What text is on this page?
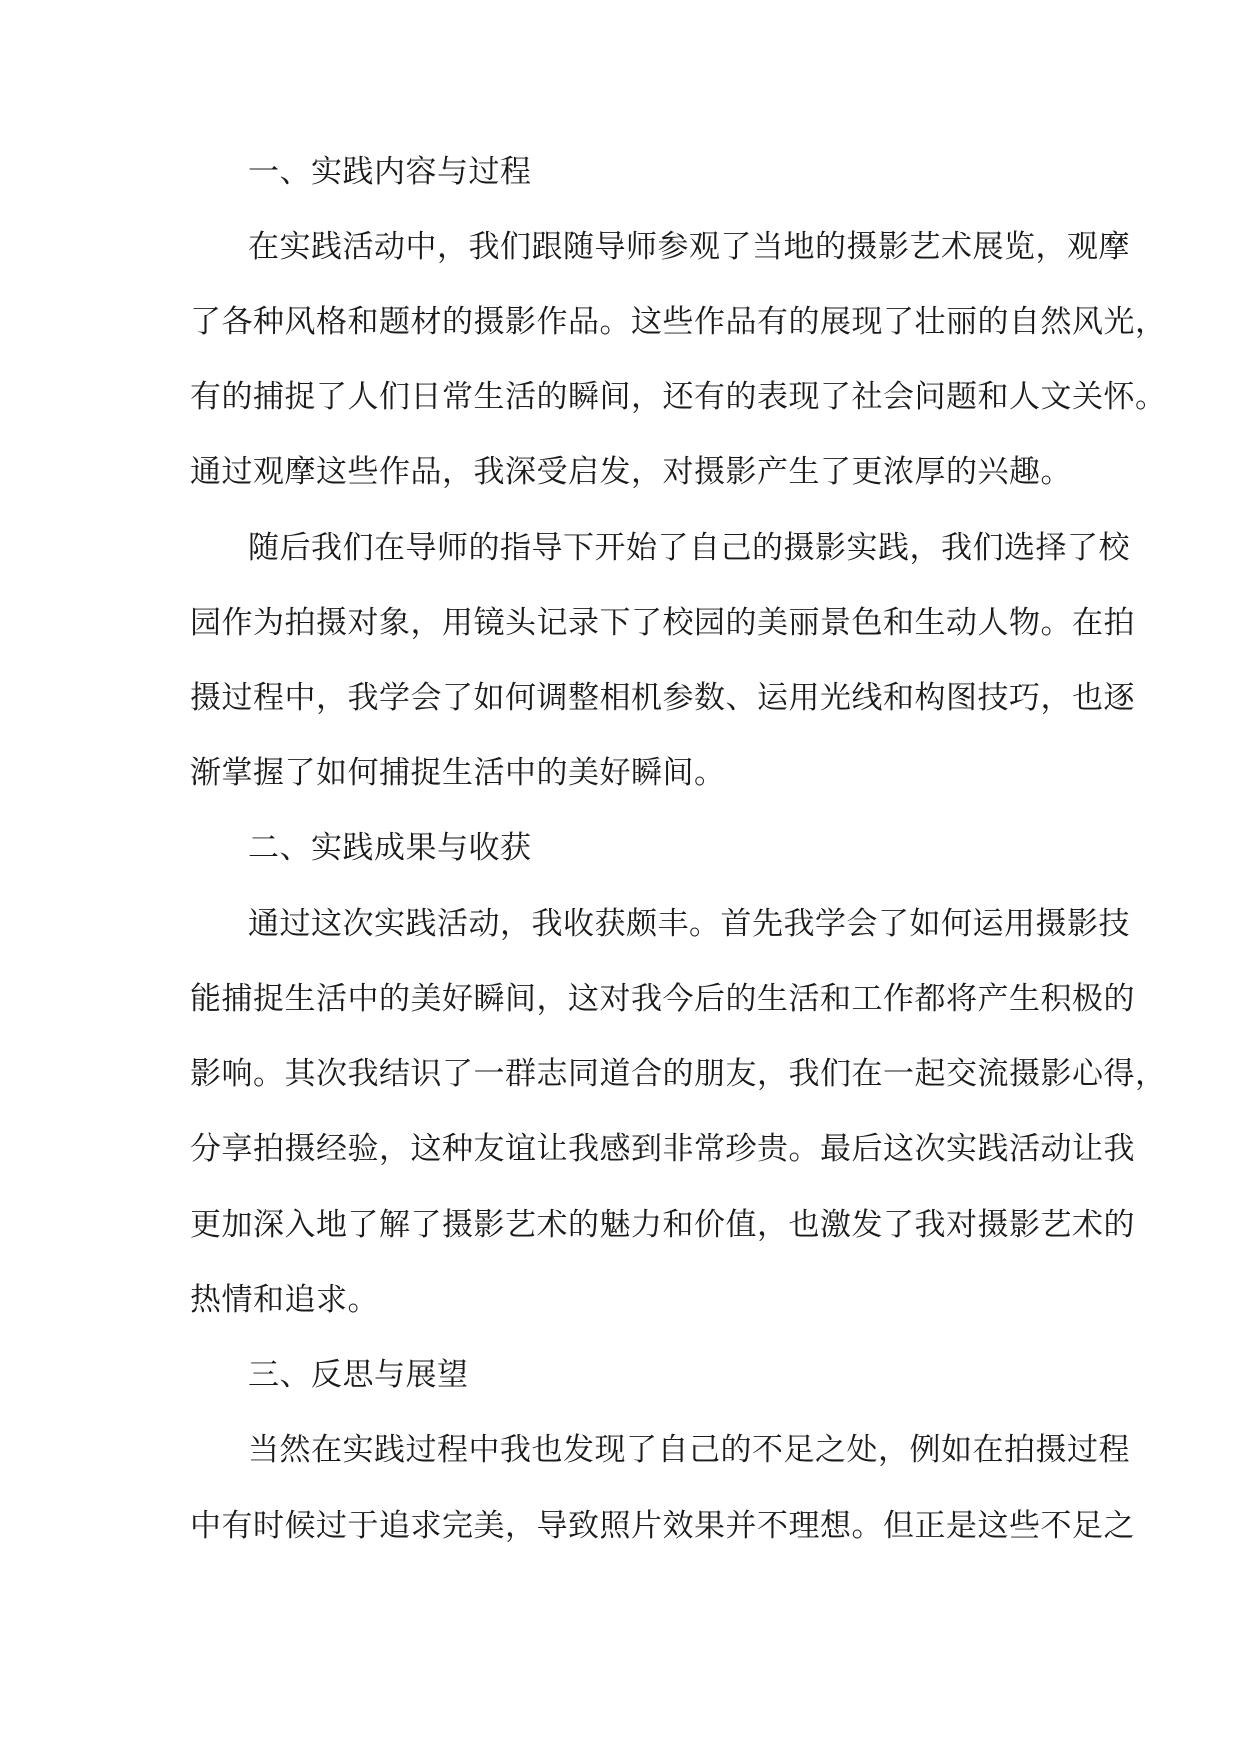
一、实践内容与过程

在实践活动中，我们跟随导师参观了当地的摄影艺术展览，观摩

了各种风格和题材的摄影作品。这些作品有的展现了壮丽的自然风光，

有的捕捉了人们日常生活的瞬间，还有的表现了社会问题和人文关怀。

通过观摩这些作品，我深受启发，对摄影产生了更浓厚的兴趣。

随后我们在导师的指导下开始了自己的摄影实践，我们选择了校

园作为拍摄对象，用镜头记录下了校园的美丽景色和生动人物。在拍

摄过程中，我学会了如何调整相机参数、运用光线和构图技巧，也逐

渐掌握了如何捕捉生活中的美好瞬间。

二、实践成果与收获

通过这次实践活动，我收获颇丰。首先我学会了如何运用摄影技

能捕捉生活中的美好瞬间，这对我今后的生活和工作都将产生积极的

影响。其次我结识了一群志同道合的朋友，我们在一起交流摄影心得，

分享拍摄经验，这种友谊让我感到非常珍贵。最后这次实践活动让我

更加深入地了解了摄影艺术的魅力和价值，也激发了我对摄影艺术的

热情和追求。

三、反思与展望

当然在实践过程中我也发现了自己的不足之处，例如在拍摄过程

中有时候过于追求完美，导致照片效果并不理想。但正是这些不足之
